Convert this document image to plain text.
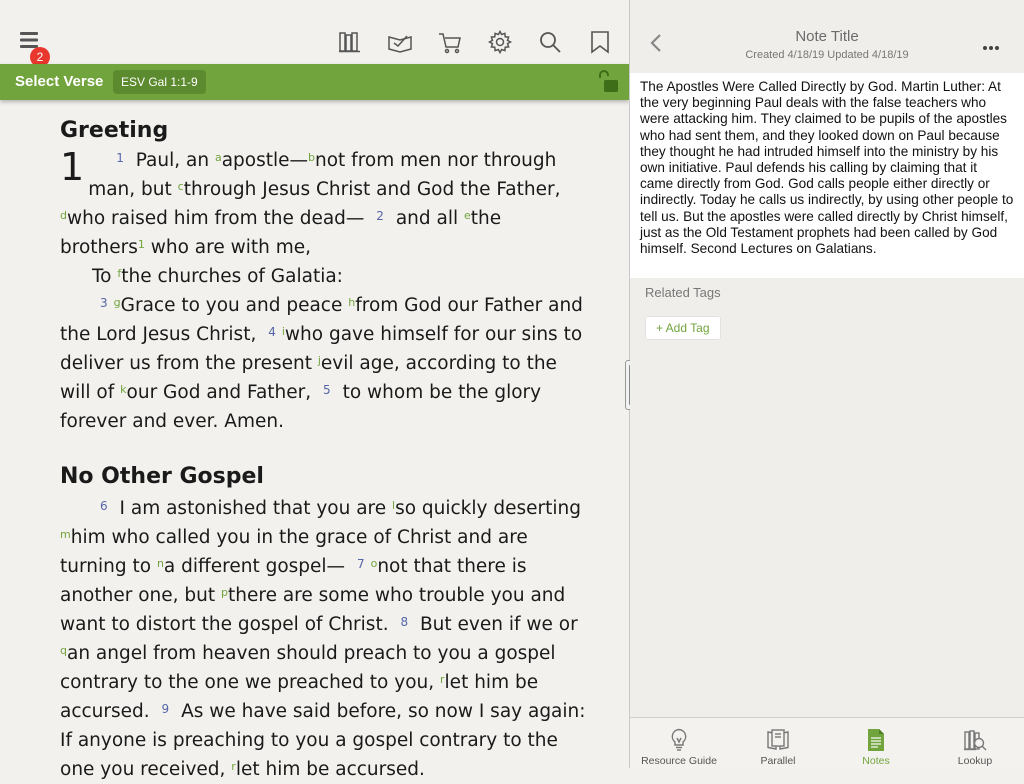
2
Select Verse	ESV Gal 1:1-9
Greeting
1	$^1$ Paul, an $^a$apostle—$^b$not from men nor through man, but $^c$through Jesus Christ and God the Father, $^d$who raised him from the dead— $^2$ and all $^e$the brothers$^1$ who are with me,
To $^f$the churches of Galatia:
$^3$ $^g$Grace to you and peace $^h$from God our Father and the Lord Jesus Christ, $^4$ $^i$who gave himself for our sins to deliver us from the present $^j$evil age, according to the will of $^k$our God and Father, $^5$ to whom be the glory forever and ever. Amen.
No Other Gospel
$^6$ I am astonished that you are $^l$so quickly deserting $^m$him who called you in the grace of Christ and are turning to $^n$a different gospel— $^7$ $^o$not that there is another one, but $^p$there are some who trouble you and want to distort the gospel of Christ. $^8$ But even if we or $^q$an angel from heaven should preach to you a gospel contrary to the one we preached to you, $^r$let him be accursed. $^9$ As we have said before, so now I say again: If anyone is preaching to you a gospel contrary to the one you received, $^r$let him be accursed.
Note Title
Created 4/18/19 Updated 4/18/19
The Apostles Were Called Directly by God. Martin Luther: At the very beginning Paul deals with the false teachers who were attacking him. They claimed to be pupils of the apostles who had sent them, and they looked down on Paul because they thought he had intruded himself into the ministry by his own initiative. Paul defends his calling by claiming that it came directly from God. God calls people either directly or indirectly. Today he calls us indirectly, by using other people to tell us. But the apostles were called directly by Christ himself, just as the Old Testament prophets had been called by God himself. Second Lectures on Galatians.
Related Tags
+ Add Tag
Resource Guide	Parallel	Notes	Lookup
